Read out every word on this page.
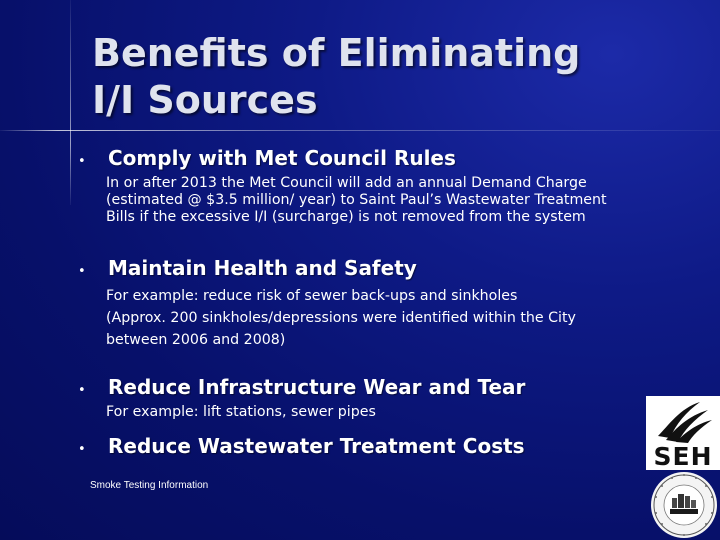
Benefits of Eliminating
I/I Sources
•	Comply with Met Council Rules
In or after 2013 the Met Council will add an annual Demand Charge
(estimated @ $3.5 million/ year) to Saint Paul’s Wastewater Treatment
Bills if the excessive I/I (surcharge) is not removed from the system
•	Maintain Health and Safety
For example: reduce risk of sewer back-ups and sinkholes
(Approx. 200 sinkholes/depressions were identified within the City
between 2006 and 2008)
•	Reduce Infrastructure Wear and Tear
For example: lift stations, sewer pipes
•	Reduce Wastewater Treatment Costs
Smoke Testing Information
SEH
